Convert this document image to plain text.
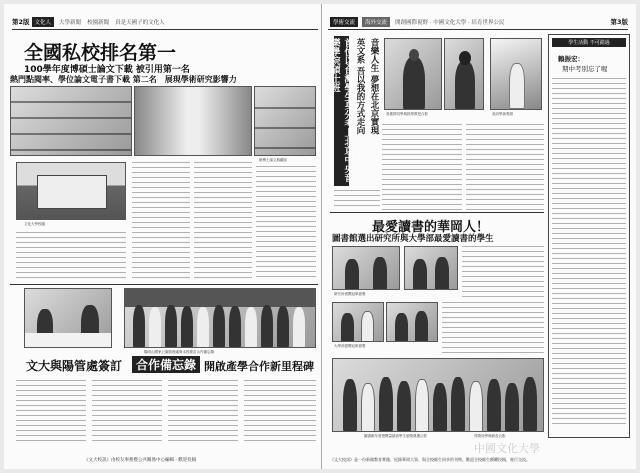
第2版 文化人	大學新聞 校園新聞 真是天國子的文化人
全國私校排名第一
100學年度博碩士論文下載 被引用第一名
熱門點閱率、學位論文電子書下載 第二名　展現學術研究影響力
碩博士論文典藏區
文化大學校園
陽明山國家公園管理處與本校簽訂合作備忘錄
文大與陽管處簽訂	合作備忘錄 開啟產學合作新里程碑
《文大校訊》由校友事務暨公共關係中心編輯 · 歡迎投稿
學術交流	海外交流	開創國際視野 · 中國文化大學 · 培育世界公民	第3版
首位以台灣學生身分考上北京中央音樂學院碩士班	英文系 吾以我的方式走向 音樂人生 夢想在北京實現 吳雅婷同學與指導教授合影	吳同學演奏照
學生活動 不可錯過
賴振宏：
期中考別忘了喔
最愛讀書的華岡人！
圖書館選出研究所與大學部最愛讀書的學生
研究所借閱冠軍頒獎
大學部借閱冠軍頒獎
圖書館年度借閱量最高學生頒獎典禮合影	得獎同學與館長合影
中國文化大學
《文大校訊》是一份新聞教育實踐、紀錄華岡大事、與全校師生同享的刊物。歡迎全校師生踴躍投稿，進行交流。
